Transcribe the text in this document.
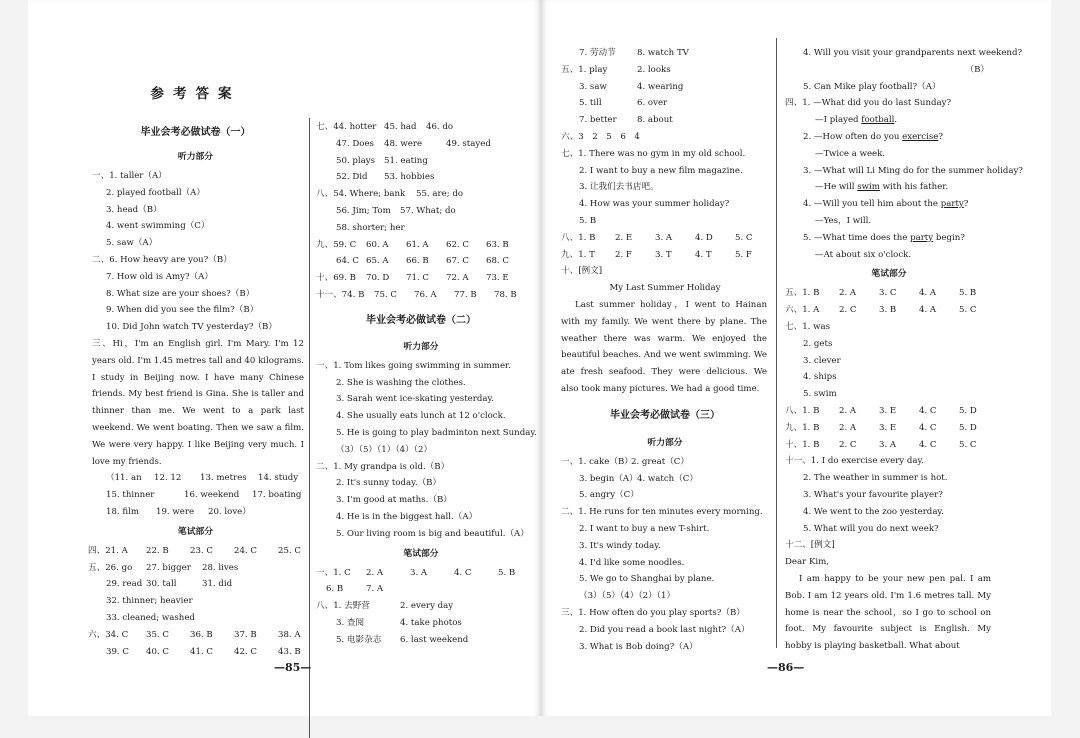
参考答案
毕业会考必做试卷（一）
听力部分
一、1. taller（A）
2. played football（A）
3. head（B）
4. went swimming（C）
5. saw（A）
二、6. How heavy are you?（B）
7. How old is Amy?（A）
8. What size are your shoes?（B）
9. When did you see the film?（B）
10. Did John watch TV yesterday?（B）
三、Hi，I'm an English girl. I'm Mary. I'm 12 years old. I'm 1.45 metres tall and 40 kilograms. I study in Beijing now. I have many Chinese friends. My best friend is Gina. She is taller and thinner than me. We went to a park last weekend. We went boating. Then we saw a film. We were very happy. I like Beijing very much. I love my friends.
（11. an	12. 12	13. metres	14. study
15. thinner	16. weekend	17. boating
18. film	19. were	20. love）
笔试部分
四、21. A	22. B	23. C	24. C	25. C
五、26. go	27. bigger	28. lives
29. read 30. tall	31. did
32. thinner; heavier
33. cleaned; washed
六、34. C	35. C	36. B	37. B	38. A
39. C	40. C	41. C	42. C	43. B
七、44. hotter 45. had	46. do
47. Does	48. were	49. stayed
50. plays	51. eating
52. Did	53. hobbies
八、54. Where; bank	55. are; do
56. Jim; Tom	57. What; do
58. shorter; her
九、59. C	60. A	61. A	62. C	63. B
64. C 65. A	66. B	67. C	68. C
十、69. B	70. D	71. C	72. A	73. E
十一、74. B	75. C	76. A	77. B	78. B
毕业会考必做试卷（二）
听力部分
一、1. Tom likes going swimming in summer.
2. She is washing the clothes.
3. Sarah went ice-skating yesterday.
4. She usually eats lunch at 12 o'clock.
5. He is going to play badminton next Sunday.
（3）（5）（1）（4）（2）
二、1. My grandpa is old.（B）
2. It's sunny today.（B）
3. I'm good at maths.（B）
4. He is in the biggest hall.（A）
5. Our living room is big and beautiful.（A）
笔试部分
一、1. C	2. A	3. A	4. C	5. B
6. B	7. A
八、1. 去野营	2. every day
3. 查阅	4. take photos
5. 电影杂志	6. last weekend
—85—
7. 劳动节	8. watch TV
五、1. play	2. looks
3. saw	4. wearing
5. till	6. over
7. better	8. about
六、3　2　5　6　4
七、1. There was no gym in my old school.
2. I want to buy a new film magazine.
3. 让我们去书店吧。
4. How was your summer holiday?
5. B
八、1. B	2. E	3. A	4. D	5. C
九、1. T	2. F	3. T	4. T	5. F
十、[例文]
My Last Summer Holiday
Last summer holiday，I went to Hainan with my family. We went there by plane. The weather there was warm. We enjoyed the beautiful beaches. And we went swimming. We ate fresh seafood. They were delicious. We also took many pictures. We had a good time.
毕业会考必做试卷（三）
听力部分
一、1. cake（B）
2. great（C）
3. begin（A） 4. watch（C）
5. angry（C）
二、1. He runs for ten minutes every morning.
2. I want to buy a new T-shirt.
3. It's windy today.
4. I'd like some noodles.
5. We go to Shanghai by plane.
（3）（5）（4）（2）（1）
三、1. How often do you play sports?（B）
2. Did you read a book last night?（A）
3. What is Bob doing?（A）
4. Will you visit your grandparents next weekend?
（B）
5. Can Mike play football?（A）
四、1. —What did you do last Sunday?
—I played football.
2. —How often do you exercise?
—Twice a week.
3. —What will Li Ming do for the summer holiday?
—He will swim with his father.
4. —Will you tell him about the party?
—Yes，I will.
5. —What time does the party begin?
—At about six o'clock.
笔试部分
五、1. B	2. A	3. C	4. A	5. B
六、1. A	2. C	3. B	4. A	5. C
七、1. was
2. gets
3. clever
4. ships
5. swim
八、1. B	2. A	3. E	4. C	5. D
九、1. B	2. A	3. E	4. C	5. D
十、1. B	2. C	3. A	4. C	5. C
十一、1. I do exercise every day.
2. The weather in summer is hot.
3. What's your favourite player?
4. We went to the zoo yesterday.
5. What will you do next week?
十二、[例文]
Dear Kim,
I am happy to be your new pen pal. I am Bob. I am 12 years old. I'm 1.6 metres tall. My home is near the school，so I go to school on foot. My favourite subject is English. My hobby is playing basketball. What about
—86—
